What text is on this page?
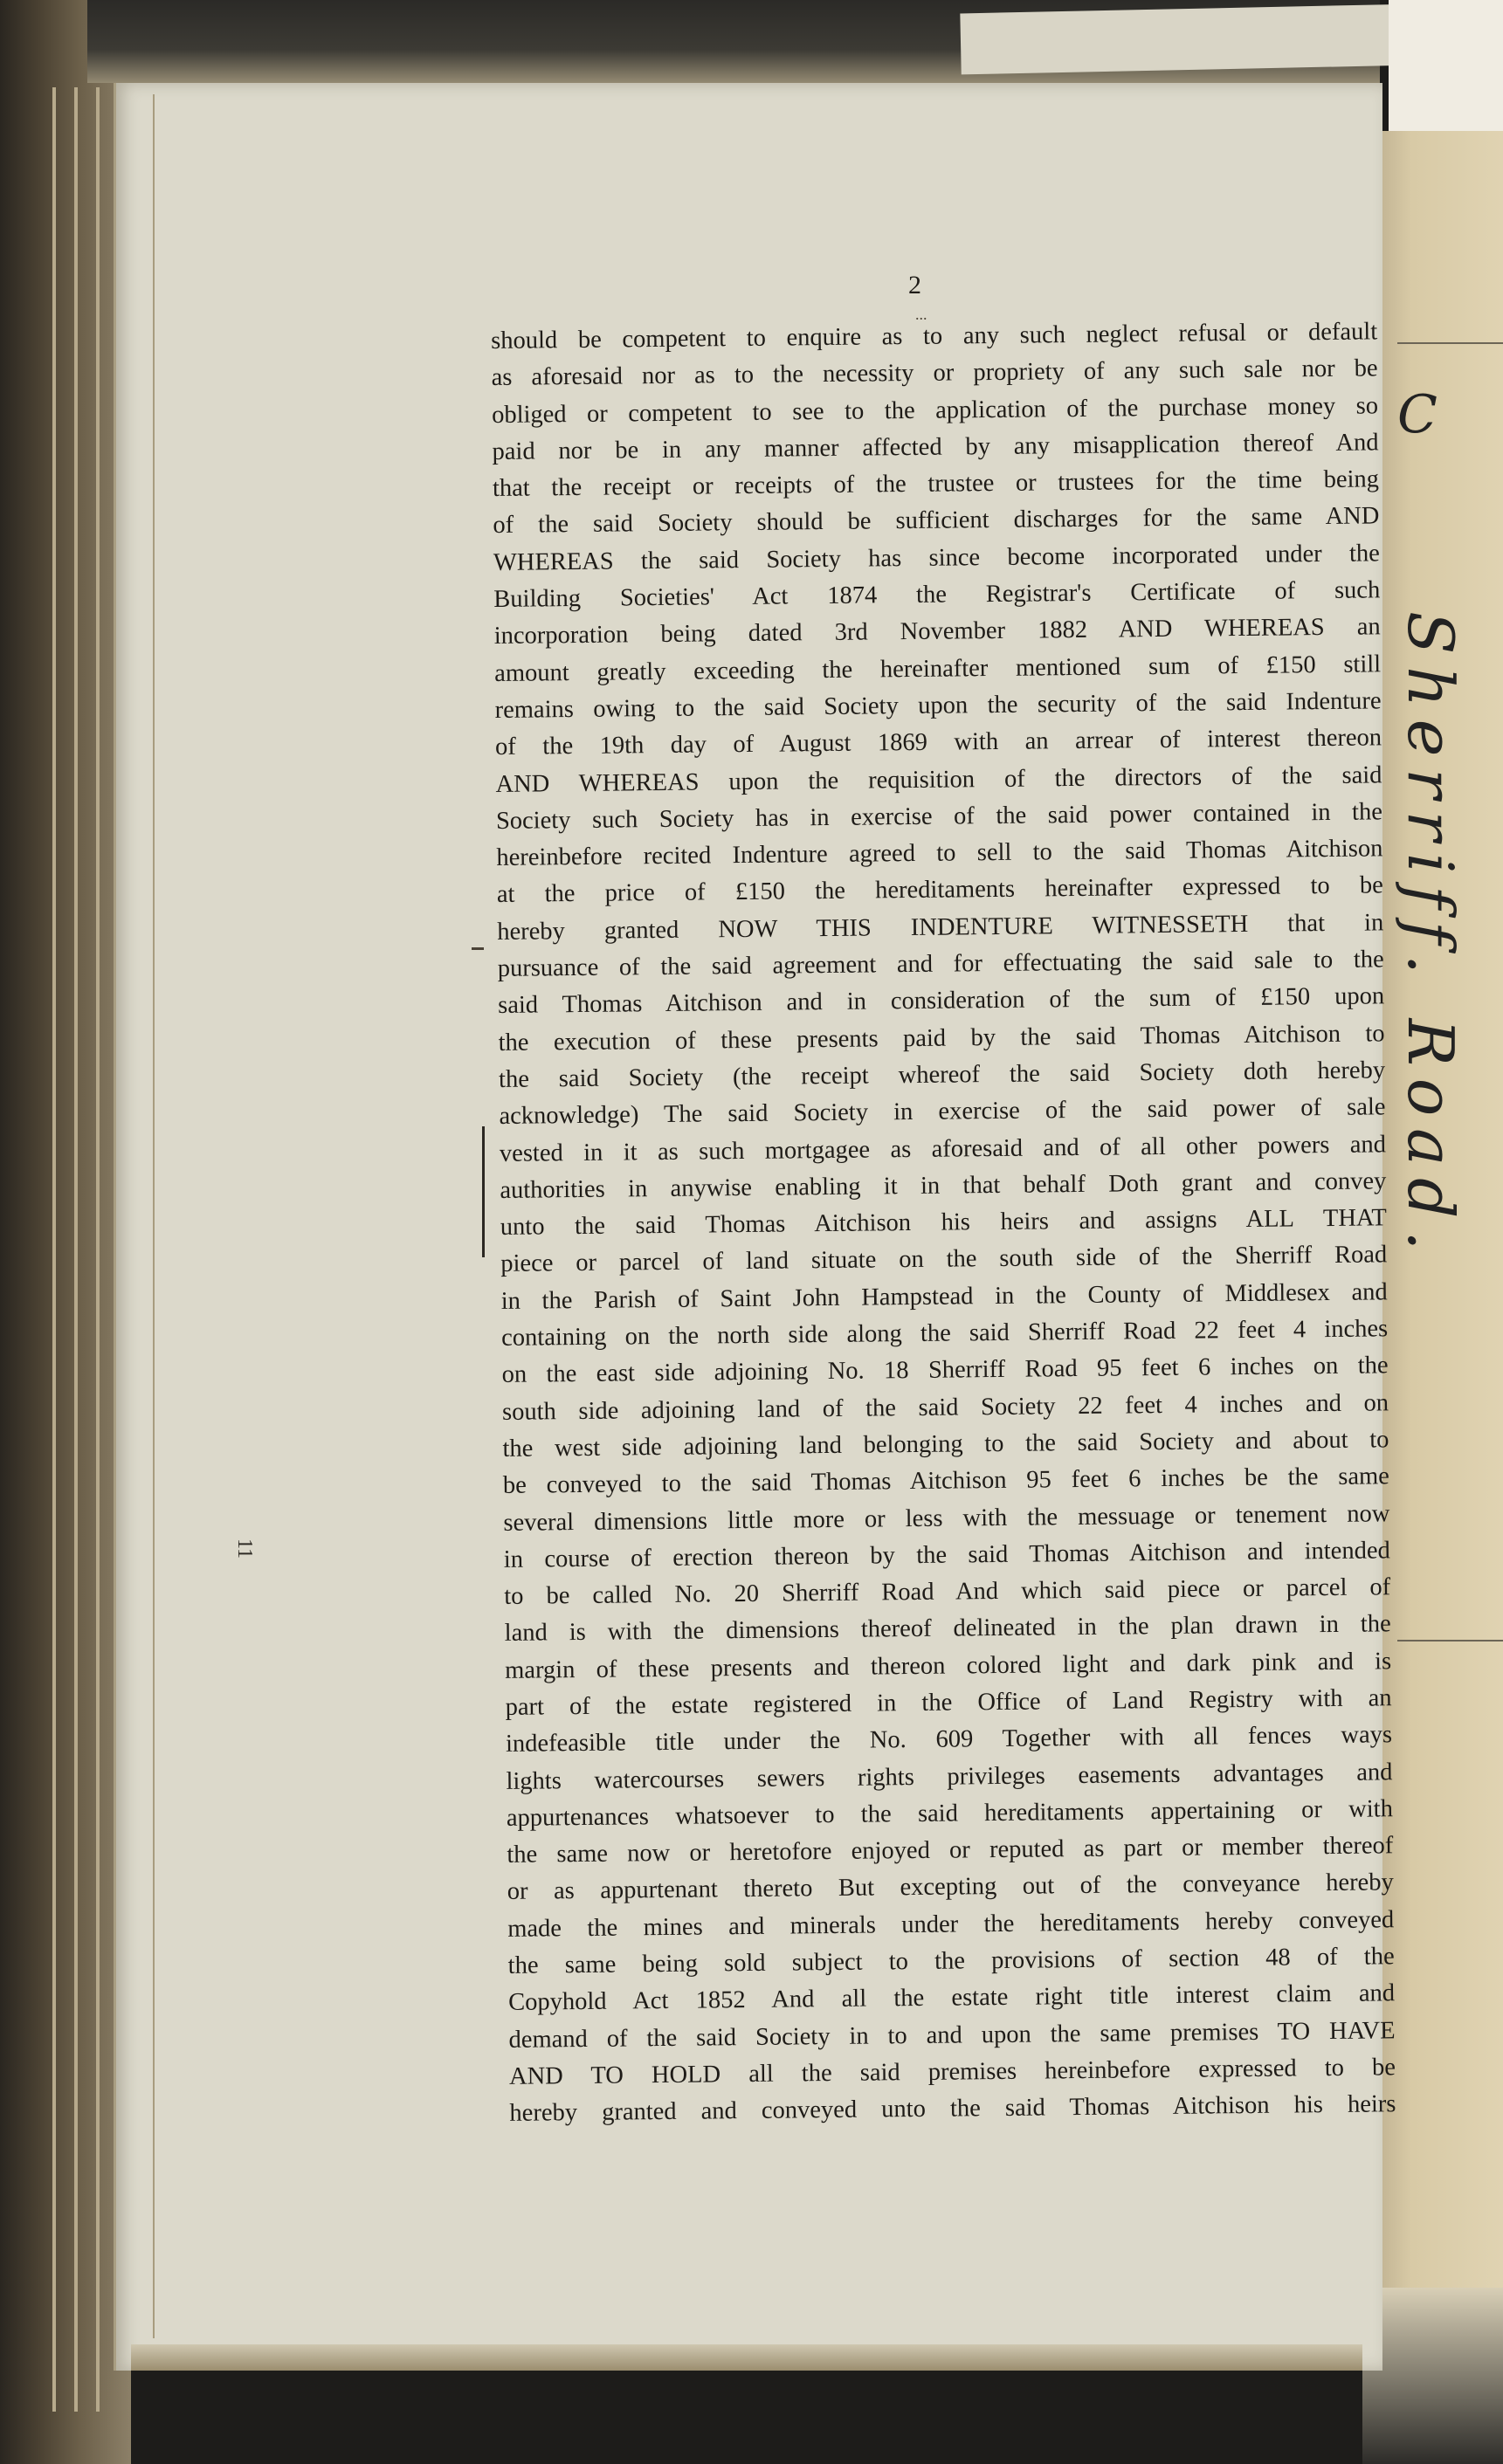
C
Sherriff. Road.
2
...
11
should be competent to enquire as to any such neglect refusal or default
as aforesaid nor as to the necessity or propriety of any such sale nor be
obliged or competent to see to the application of the purchase money so
paid nor be in any manner affected by any misapplication thereof And
that the receipt or receipts of the trustee or trustees for the time being
of the said Society should be sufficient discharges for the same AND
WHEREAS the said Society has since become incorporated under the
Building Societies' Act 1874 the Registrar's Certificate of such
incorporation being dated 3rd November 1882 AND WHEREAS an
amount greatly exceeding the hereinafter mentioned sum of £150 still
remains owing to the said Society upon the security of the said Indenture
of the 19th day of August 1869 with an arrear of interest thereon
AND WHEREAS upon the requisition of the directors of the said
Society such Society has in exercise of the said power contained in the
hereinbefore recited Indenture agreed to sell to the said Thomas Aitchison
at the price of £150 the hereditaments hereinafter expressed to be
hereby granted NOW THIS INDENTURE WITNESSETH that in
pursuance of the said agreement and for effectuating the said sale to the
said Thomas Aitchison and in consideration of the sum of £150 upon
the execution of these presents paid by the said Thomas Aitchison to
the said Society (the receipt whereof the said Society doth hereby
acknowledge) The said Society in exercise of the said power of sale
vested in it as such mortgagee as aforesaid and of all other powers and
authorities in anywise enabling it in that behalf Doth grant and convey
unto the said Thomas Aitchison his heirs and assigns ALL THAT
piece or parcel of land situate on the south side of the Sherriff Road
in the Parish of Saint John Hampstead in the County of Middlesex and
containing on the north side along the said Sherriff Road 22 feet 4 inches
on the east side adjoining No. 18 Sherriff Road 95 feet 6 inches on the
south side adjoining land of the said Society 22 feet 4 inches and on
the west side adjoining land belonging to the said Society and about to
be conveyed to the said Thomas Aitchison 95 feet 6 inches be the same
several dimensions little more or less with the messuage or tenement now
in course of erection thereon by the said Thomas Aitchison and intended
to be called No. 20 Sherriff Road And which said piece or parcel of
land is with the dimensions thereof delineated in the plan drawn in the
margin of these presents and thereon colored light and dark pink and is
part of the estate registered in the Office of Land Registry with an
indefeasible title under the No. 609 Together with all fences ways
lights watercourses sewers rights privileges easements advantages and
appurtenances whatsoever to the said hereditaments appertaining or with
the same now or heretofore enjoyed or reputed as part or member thereof
or as appurtenant thereto But excepting out of the conveyance hereby
made the mines and minerals under the hereditaments hereby conveyed
the same being sold subject to the provisions of section 48 of the
Copyhold Act 1852 And all the estate right title interest claim and
demand of the said Society in to and upon the same premises TO HAVE
AND TO HOLD all the said premises hereinbefore expressed to be
hereby granted and conveyed unto the said Thomas Aitchison his heirs
